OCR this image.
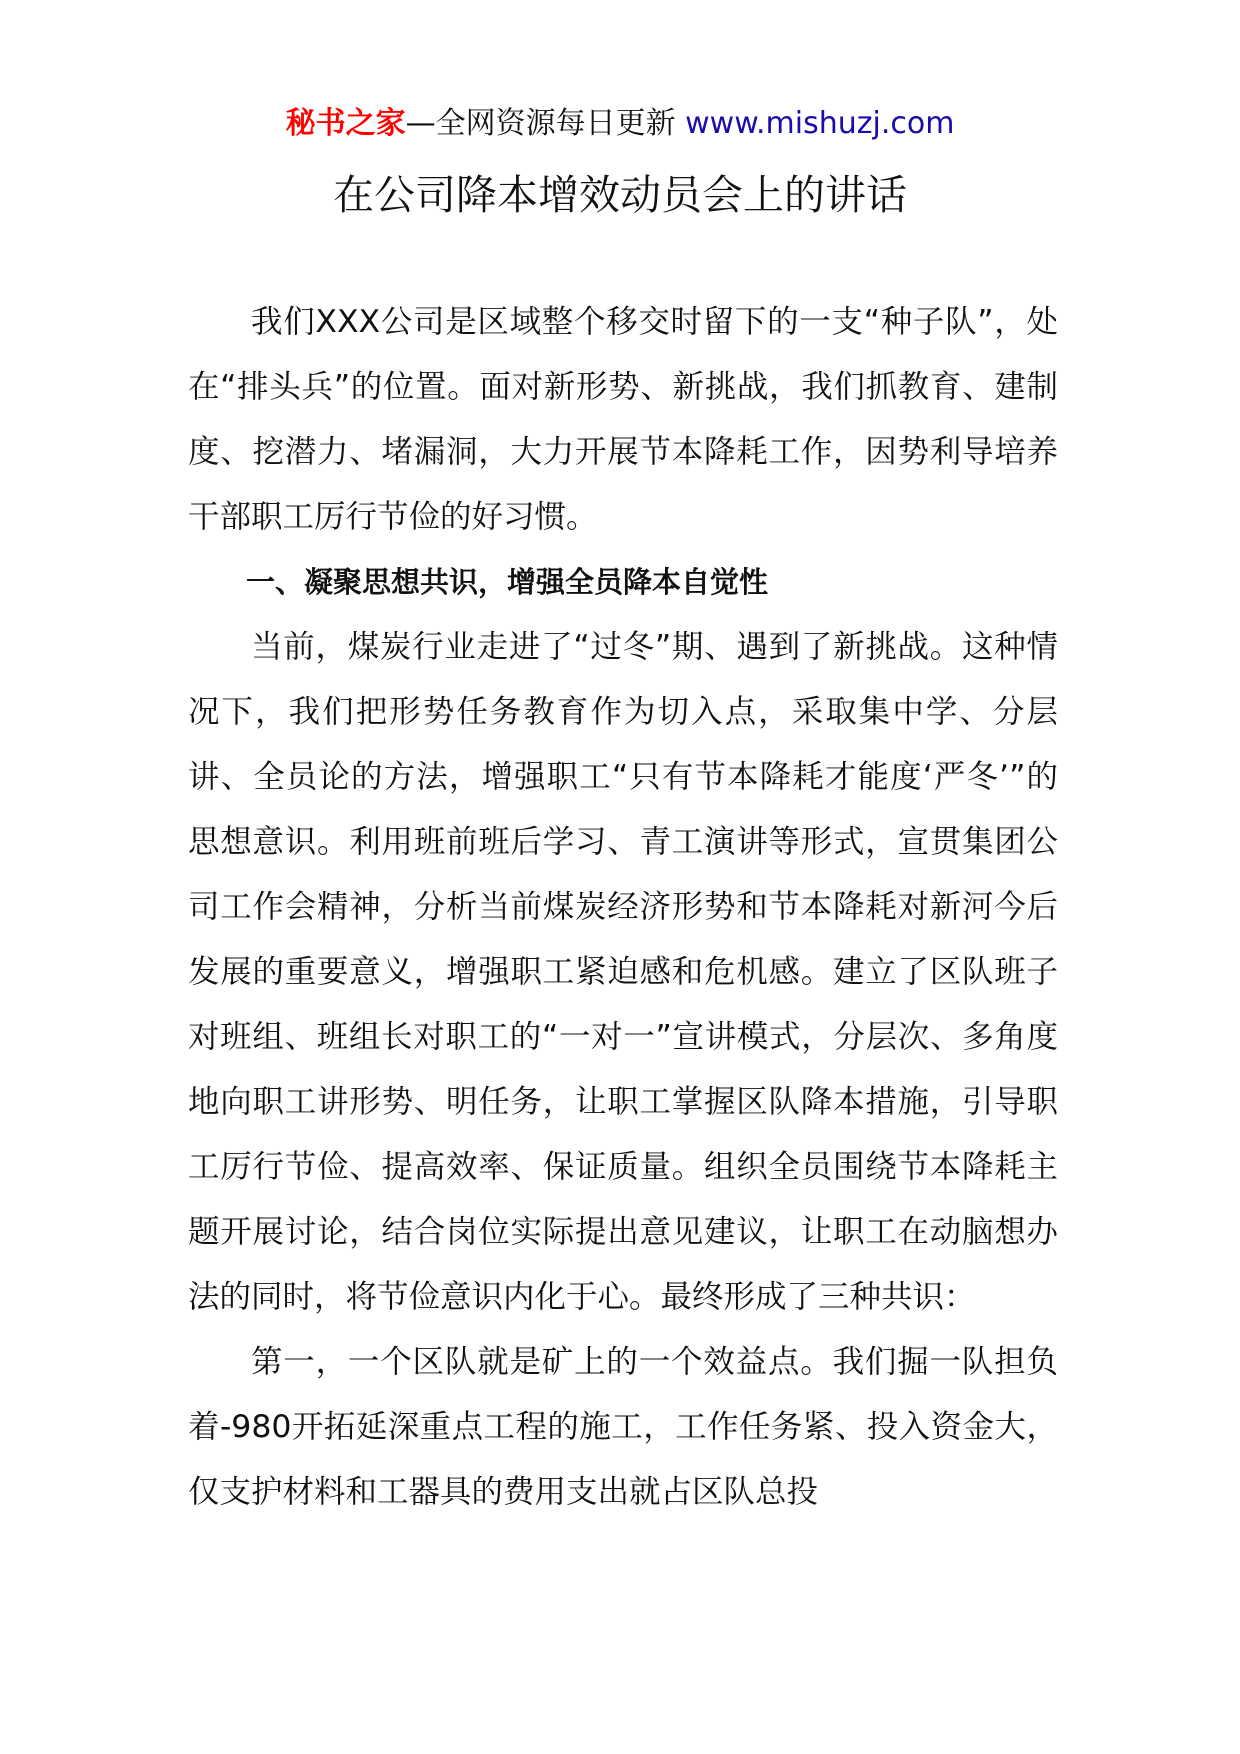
秘书之家—全网资源每日更新 www.mishuzj.com
在公司降本增效动员会上的讲话

我们XXX公司是区域整个移交时留下的一支“种子队”，处在“排头兵”的位置。面对新形势、新挑战，我们抓教育、建制度、挖潜力、堵漏洞，大力开展节本降耗工作，因势利导培养干部职工厉行节俭的好习惯。

一、凝聚思想共识，增强全员降本自觉性

当前，煤炭行业走进了“过冬”期、遇到了新挑战。这种情况下，我们把形势任务教育作为切入点，采取集中学、分层讲、全员论的方法，增强职工“只有节本降耗才能度‘严冬’”的思想意识。利用班前班后学习、青工演讲等形式，宣贯集团公司工作会精神，分析当前煤炭经济形势和节本降耗对新河今后发展的重要意义，增强职工紧迫感和危机感。建立了区队班子对班组、班组长对职工的“一对一”宣讲模式，分层次、多角度地向职工讲形势、明任务，让职工掌握区队降本措施，引导职工厉行节俭、提高效率、保证质量。组织全员围绕节本降耗主题开展讨论，结合岗位实际提出意见建议，让职工在动脑想办法的同时，将节俭意识内化于心。最终形成了三种共识：

第一，一个区队就是矿上的一个效益点。我们掘一队担负着-980开拓延深重点工程的施工，工作任务紧、投入资金大，仅支护材料和工器具的费用支出就占区队总投
